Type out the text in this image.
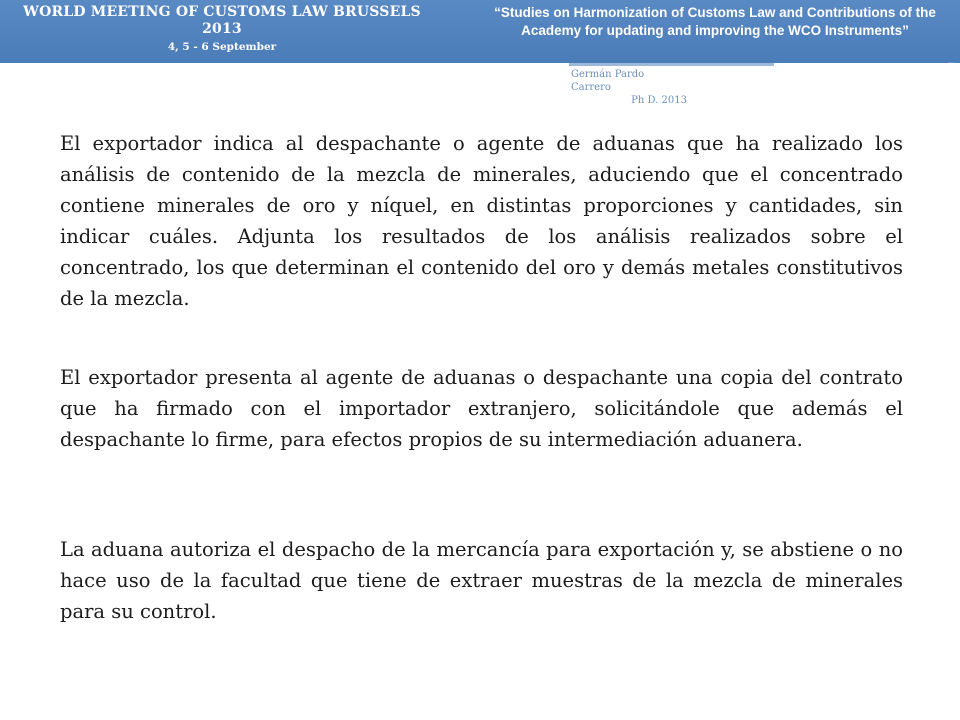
WORLD MEETING OF CUSTOMS LAW BRUSSELS 2013
4, 5 - 6 September
“Studies on Harmonization of Customs Law and Contributions of the Academy for updating and improving the WCO Instruments”
...
Germán Pardo Carrero
Ph D. 2013

El exportador indica al despachante o agente de aduanas que ha realizado los análisis de contenido de la mezcla de minerales, aduciendo que el concentrado contiene minerales de oro y níquel, en distintas proporciones y cantidades, sin indicar cuáles. Adjunta los resultados de los análisis realizados sobre el concentrado, los que determinan el contenido del oro y demás metales constitutivos de la mezcla.

El exportador presenta al agente de aduanas o despachante una copia del contrato que ha firmado con el importador extranjero, solicitándole que además el despachante lo firme, para efectos propios de su intermediación aduanera.

La aduana autoriza el despacho de la mercancía para exportación y, se abstiene o no hace uso de la facultad que tiene de extraer muestras de la mezcla de minerales para su control.
